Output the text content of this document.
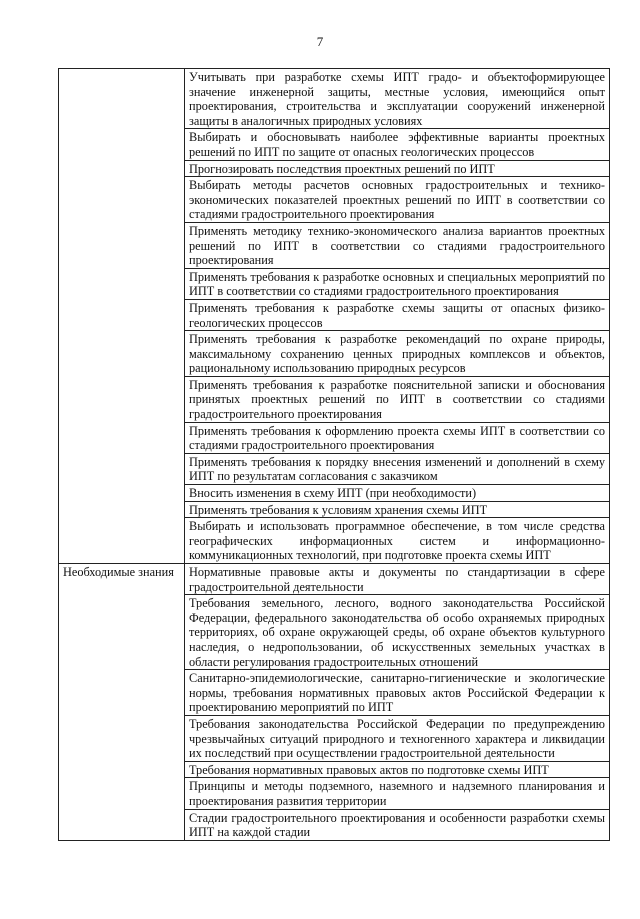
7
	Учитывать при разработке схемы ИПТ градо- и объектоформирующее значение инженерной защиты, местные условия, имеющийся опыт проектирования, строительства и эксплуатации сооружений инженерной защиты в аналогичных природных условиях
	Выбирать и обосновывать наиболее эффективные варианты проектных решений по ИПТ по защите от опасных геологических процессов
	Прогнозировать последствия проектных решений по ИПТ
	Выбирать методы расчетов основных градостроительных и технико-экономических показателей проектных решений по ИПТ в соответствии со стадиями градостроительного проектирования
	Применять методику технико-экономического анализа вариантов проектных решений по ИПТ в соответствии со стадиями градостроительного проектирования
	Применять требования к разработке основных и специальных мероприятий по ИПТ в соответствии со стадиями градостроительного проектирования
	Применять требования к разработке схемы защиты от опасных физико-геологических процессов
	Применять требования к разработке рекомендаций по охране природы, максимальному сохранению ценных природных комплексов и объектов, рациональному использованию природных ресурсов
	Применять требования к разработке пояснительной записки и обоснования принятых проектных решений по ИПТ в соответствии со стадиями градостроительного проектирования
	Применять требования к оформлению проекта схемы ИПТ в соответствии со стадиями градостроительного проектирования
	Применять требования к порядку внесения изменений и дополнений в схему ИПТ по результатам согласования с заказчиком
	Вносить изменения в схему ИПТ (при необходимости)
	Применять требования к условиям хранения схемы ИПТ
	Выбирать и использовать программное обеспечение, в том числе средства географических информационных систем и информационно-коммуникационных технологий, при подготовке проекта схемы ИПТ
Необходимые знания	Нормативные правовые акты и документы по стандартизации в сфере градостроительной деятельности
	Требования земельного, лесного, водного законодательства Российской Федерации, федерального законодательства об особо охраняемых природных территориях, об охране окружающей среды, об охране объектов культурного наследия, о недропользовании, об искусственных земельных участках в области регулирования градостроительных отношений
	Санитарно-эпидемиологические, санитарно-гигиенические и экологические нормы, требования нормативных правовых актов Российской Федерации к проектированию мероприятий по ИПТ
	Требования законодательства Российской Федерации по предупреждению чрезвычайных ситуаций природного и техногенного характера и ликвидации их последствий при осуществлении градостроительной деятельности
	Требования нормативных правовых актов по подготовке схемы ИПТ
	Принципы и методы подземного, наземного и надземного планирования и проектирования развития территории
	Стадии градостроительного проектирования и особенности разработки схемы ИПТ на каждой стадии
